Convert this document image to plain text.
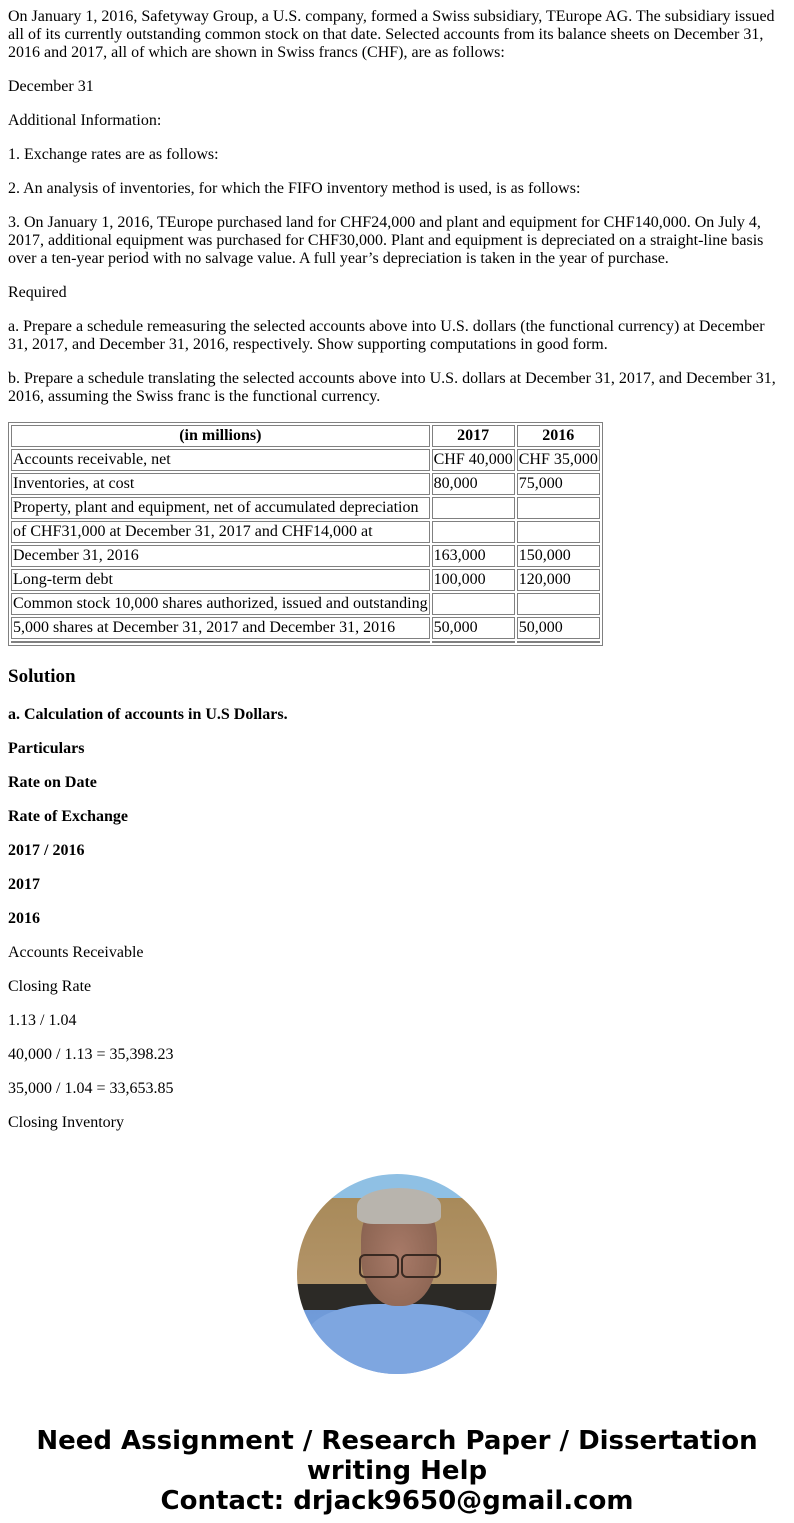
On January 1, 2016, Safetyway Group, a U.S. company, formed a Swiss subsidiary, TEurope AG. The subsidiary issued all of its currently outstanding common stock on that date. Selected accounts from its balance sheets on December 31, 2016 and 2017, all of which are shown in Swiss francs (CHF), are as follows:

December 31

Additional Information:

1. Exchange rates are as follows:

2. An analysis of inventories, for which the FIFO inventory method is used, is as follows:

3. On January 1, 2016, TEurope purchased land for CHF24,000 and plant and equipment for CHF140,000. On July 4, 2017, additional equipment was purchased for CHF30,000. Plant and equipment is depreciated on a straight-line basis over a ten-year period with no salvage value. A full year’s depreciation is taken in the year of purchase.

Required

a. Prepare a schedule remeasuring the selected accounts above into U.S. dollars (the functional currency) at December 31, 2017, and December 31, 2016, respectively. Show supporting computations in good form.

b. Prepare a schedule translating the selected accounts above into U.S. dollars at December 31, 2017, and December 31, 2016, assuming the Swiss franc is the functional currency.

(in millions)	2017	2016
Accounts receivable, net	CHF 40,000	CHF 35,000
Inventories, at cost	80,000	75,000
Property, plant and equipment, net of accumulated depreciation		
of CHF31,000 at December 31, 2017 and CHF14,000 at		
December 31, 2016	163,000	150,000
Long-term debt	100,000	120,000
Common stock 10,000 shares authorized, issued and outstanding		
5,000 shares at December 31, 2017 and December 31, 2016	50,000	50,000

Solution

a. Calculation of accounts in U.S Dollars.

Particulars

Rate on Date

Rate of Exchange

2017 / 2016

2017

2016

Accounts Receivable

Closing Rate

1.13 / 1.04

40,000 / 1.13 = 35,398.23

35,000 / 1.04 = 33,653.85

Closing Inventory

Need Assignment / Research Paper / Dissertation
writing Help
Contact: drjack9650@gmail.com
